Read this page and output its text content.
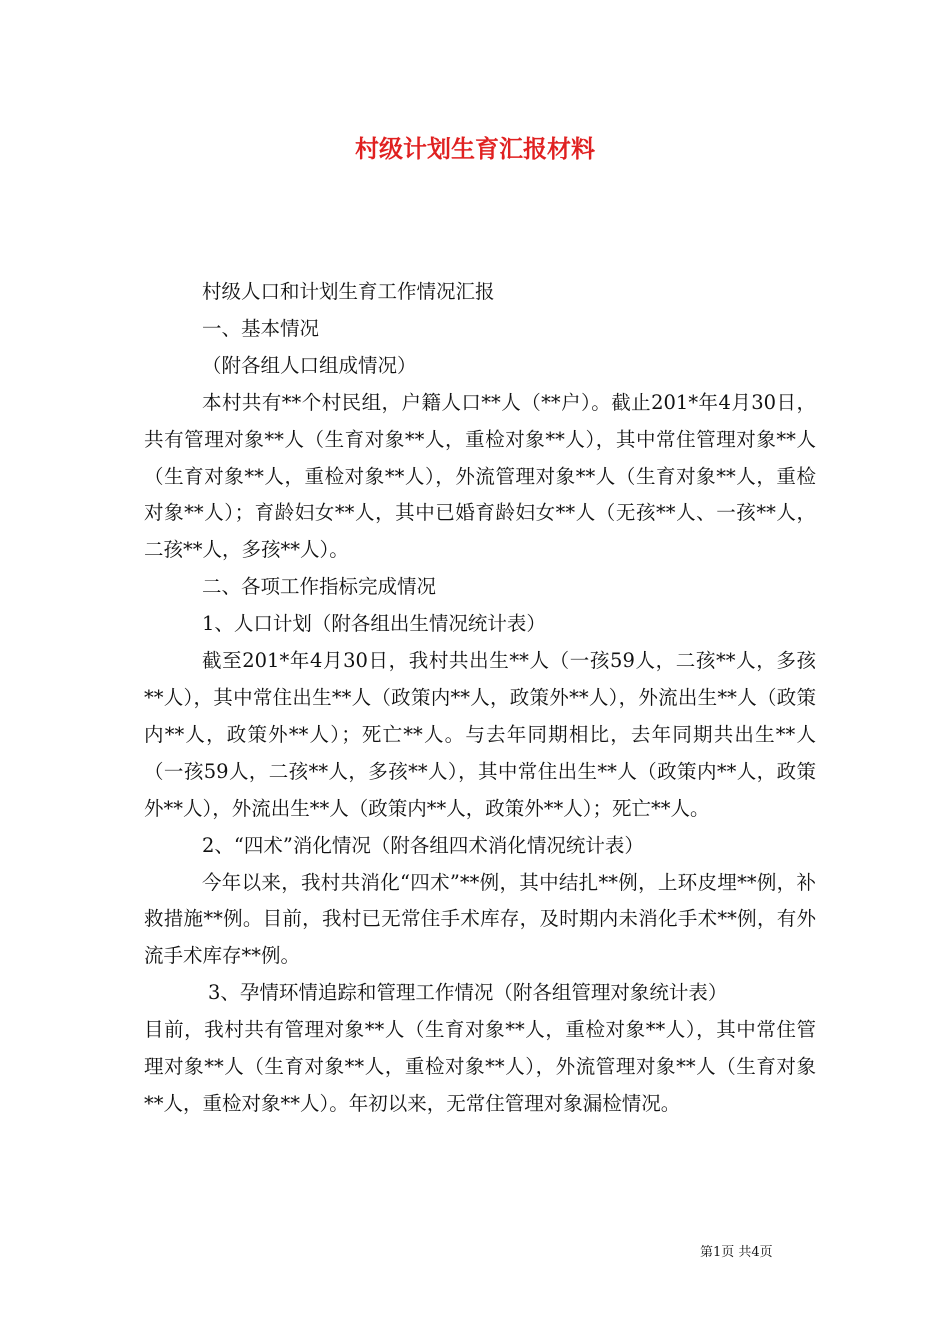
村级计划生育汇报材料

村级人口和计划生育工作情况汇报

一、基本情况

（附各组人口组成情况）

本村共有**个村民组，户籍人口**人（**户）。截止201*年4月30日，共有管理对象**人（生育对象**人，重检对象**人），其中常住管理对象**人（生育对象**人，重检对象**人），外流管理对象**人（生育对象**人，重检对象**人）；育龄妇女**人，其中已婚育龄妇女**人（无孩**人、一孩**人，二孩**人，多孩**人）。

二、各项工作指标完成情况

1、人口计划（附各组出生情况统计表）

截至201*年4月30日，我村共出生**人（一孩59人，二孩**人，多孩**人），其中常住出生**人（政策内**人，政策外**人），外流出生**人（政策内**人，政策外**人）；死亡**人。与去年同期相比，去年同期共出生**人（一孩59人，二孩**人，多孩**人），其中常住出生**人（政策内**人，政策外**人），外流出生**人（政策内**人，政策外**人）；死亡**人。

2、“四术”消化情况（附各组四术消化情况统计表）

今年以来，我村共消化“四术”**例，其中结扎**例，上环皮埋**例，补救措施**例。目前，我村已无常住手术库存，及时期内未消化手术**例，有外流手术库存**例。

3、孕情环情追踪和管理工作情况（附各组管理对象统计表）

目前，我村共有管理对象**人（生育对象**人，重检对象**人），其中常住管理对象**人（生育对象**人，重检对象**人），外流管理对象**人（生育对象**人，重检对象**人）。年初以来，无常住管理对象漏检情况。

第1页 共4页
